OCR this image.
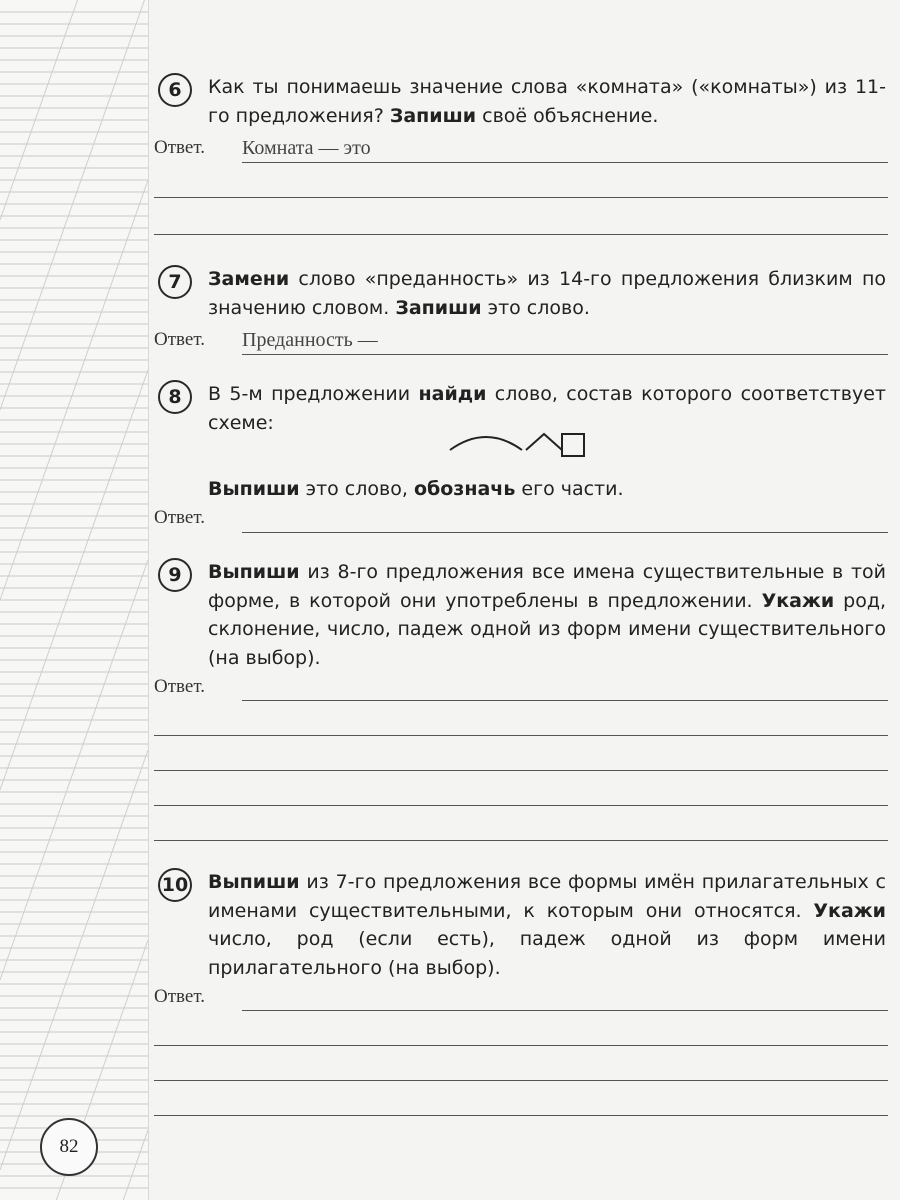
6	Как ты понимаешь значение слова «комната» («комнаты») из 11-го предложения? Запиши своё объяснение.
Ответ. Комната — это
7	Замени слово «преданность» из 14-го предложения близким по значению словом. Запиши это слово.
Ответ. Преданность —
8	В 5-м предложении найди слово, состав которого соответствует схеме:
Выпиши это слово, обозначь его части.
Ответ.
9	Выпиши из 8-го предложения все имена существительные в той форме, в которой они употреблены в предложении. Укажи род, склонение, число, падеж одной из форм имени существительного (на выбор).
Ответ.
10 Выпиши из 7-го предложения все формы имён прилагательных с именами существительными, к которым они относятся. Укажи число, род (если есть), падеж одной из форм имени прилагательного (на выбор).
Ответ.
82
